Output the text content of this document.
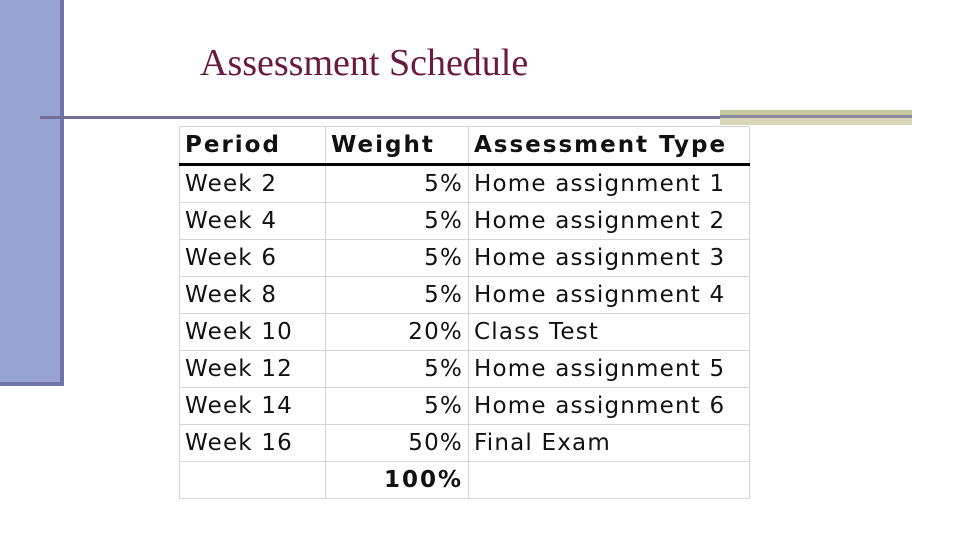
Assessment Schedule
Period	Weight	Assessment Type
Week 2	5%	Home assignment 1
Week 4	5%	Home assignment 2
Week 6	5%	Home assignment 3
Week 8	5%	Home assignment 4
Week 10	20%	Class Test
Week 12	5%	Home assignment 5
Week 14	5%	Home assignment 6
Week 16	50%	Final Exam
	100%	
